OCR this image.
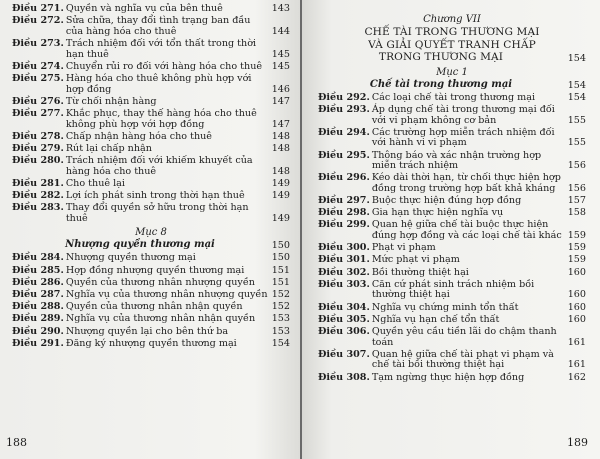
Điều 271. Quyền và nghĩa vụ của bên thuê	143
Điều 272. Sửa chữa, thay đổi tình trạng ban đầu của hàng hóa cho thuê	144
Điều 273. Trách nhiệm đối với tổn thất trong thời hạn thuê	145
Điều 274. Chuyển rủi ro đối với hàng hóa cho thuê	145
Điều 275. Hàng hóa cho thuê không phù hợp với hợp đồng	146
Điều 276. Từ chối nhận hàng	147
Điều 277. Khắc phục, thay thế hàng hóa cho thuê không phù hợp với hợp đồng	147
Điều 278. Chấp nhận hàng hóa cho thuê	148
Điều 279. Rút lại chấp nhận	148
Điều 280. Trách nhiệm đối với khiếm khuyết của hàng hóa cho thuê	148
Điều 281. Cho thuê lại	149
Điều 282. Lợi ích phát sinh trong thời hạn thuê	149
Điều 283. Thay đổi quyền sở hữu trong thời hạn thuê	149
Mục 8
Nhượng quyền thương mại	150
Điều 284. Nhượng quyền thương mại	150
Điều 285. Hợp đồng nhượng quyền thương mại	151
Điều 286. Quyền của thương nhân nhượng quyền	151
Điều 287. Nghĩa vụ của thương nhân nhượng quyền 152
Điều 288. Quyền của thương nhân nhận quyền	152
Điều 289. Nghĩa vụ của thương nhân nhận quyền	153
Điều 290. Nhượng quyền lại cho bên thứ ba	153
Điều 291. Đăng ký nhượng quyền thương mại	154
188
Chương VII
CHẾ TÀI TRONG THƯƠNG MẠI
VÀ GIẢI QUYẾT TRANH CHẤP
TRONG THƯƠNG MẠI	154
Mục 1
Chế tài trong thương mại	154
Điều 292. Các loại chế tài trong thương mại	154
Điều 293. Áp dụng chế tài trong thương mại đối với vi phạm không cơ bản	155
Điều 294. Các trường hợp miễn trách nhiệm đối với hành vi vi phạm	155
Điều 295. Thông báo và xác nhận trường hợp miễn trách nhiệm	156
Điều 296. Kéo dài thời hạn, từ chối thực hiện hợp đồng trong trường hợp bất khả kháng	156
Điều 297. Buộc thực hiện đúng hợp đồng	157
Điều 298. Gia hạn thực hiện nghĩa vụ	158
Điều 299. Quan hệ giữa chế tài buộc thực hiện đúng hợp đồng và các loại chế tài khác 159
Điều 300. Phạt vi phạm	159
Điều 301. Mức phạt vi phạm	159
Điều 302. Bồi thường thiệt hại	160
Điều 303. Căn cứ phát sinh trách nhiệm bồi thường thiệt hại	160
Điều 304. Nghĩa vụ chứng minh tổn thất	160
Điều 305. Nghĩa vụ hạn chế tổn thất	160
Điều 306. Quyền yêu cầu tiền lãi do chậm thanh toán	161
Điều 307. Quan hệ giữa chế tài phạt vi phạm và chế tài bồi thường thiệt hại	161
Điều 308. Tạm ngừng thực hiện hợp đồng	162
189
